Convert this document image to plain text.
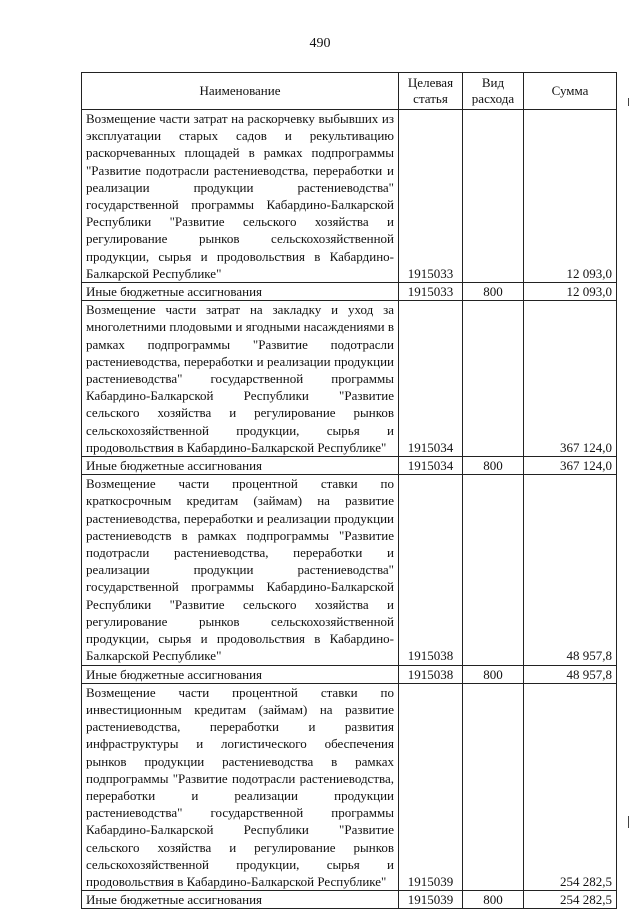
490
Наименование	Целевая статья	Вид расхода	Сумма
Возмещение части затрат на раскорчевку выбывших из эксплуатации старых садов и рекультивацию раскорчеванных площадей в рамках подпрограммы "Развитие подотрасли растениеводства, переработки и реализации продукции растениеводства" государственной программы Кабардино-Балкарской Республики "Развитие сельского хозяйства и регулирование рынков сельскохозяйственной продукции, сырья и продовольствия в Кабардино-Балкарской Республике"	1915033		12 093,0
Иные бюджетные ассигнования	1915033	800	12 093,0
Возмещение части затрат на закладку и уход за многолетними плодовыми и ягодными насаждениями в рамках подпрограммы "Развитие подотрасли растениеводства, переработки и реализации продукции растениеводства" государственной программы Кабардино-Балкарской Республики "Развитие сельского хозяйства и регулирование рынков сельскохозяйственной продукции, сырья и продовольствия в Кабардино-Балкарской Республике"	1915034		367 124,0
Иные бюджетные ассигнования	1915034	800	367 124,0
Возмещение части процентной ставки по краткосрочным кредитам (займам) на развитие растениеводства, переработки и реализации продукции растениеводств в рамках подпрограммы "Развитие подотрасли растениеводства, переработки и реализации продукции растениеводства" государственной программы Кабардино-Балкарской Республики "Развитие сельского хозяйства и регулирование рынков сельскохозяйственной продукции, сырья и продовольствия в Кабардино-Балкарской Республике"	1915038		48 957,8
Иные бюджетные ассигнования	1915038	800	48 957,8
Возмещение части процентной ставки по инвестиционным кредитам (займам) на развитие растениеводства, переработки и развития инфраструктуры и логистического обеспечения рынков продукции растениеводства в рамках подпрограммы "Развитие подотрасли растениеводства, переработки и реализации продукции растениеводства" государственной программы Кабардино-Балкарской Республики "Развитие сельского хозяйства и регулирование рынков сельскохозяйственной продукции, сырья и продовольствия в Кабардино-Балкарской Республике"	1915039		254 282,5
Иные бюджетные ассигнования	1915039	800	254 282,5
